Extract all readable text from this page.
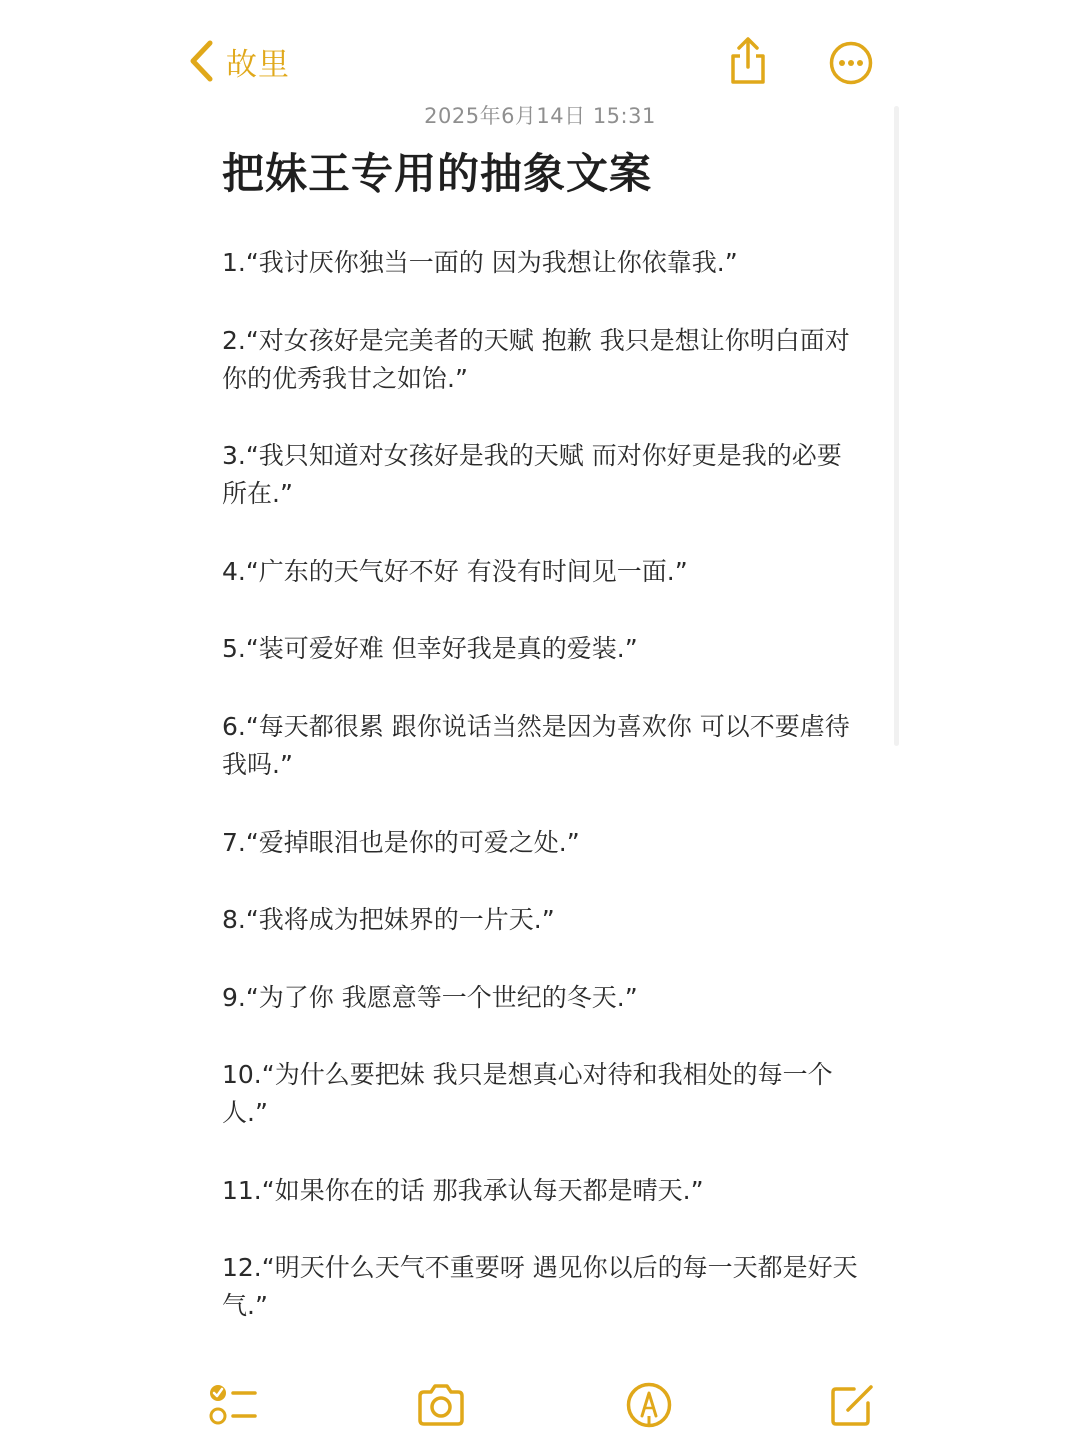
故里
2025年6月14日 15:31
把妹王专用的抽象文案

1.“我讨厌你独当一面的 因为我想让你依靠我.”

2.“对女孩好是完美者的天赋 抱歉 我只是想让你明白面对你的优秀我甘之如饴.”

3.“我只知道对女孩好是我的天赋 而对你好更是我的必要所在.”

4.“广东的天气好不好 有没有时间见一面.”

5.“装可爱好难 但幸好我是真的爱装.”

6.“每天都很累 跟你说话当然是因为喜欢你 可以不要虐待我吗.”

7.“爱掉眼泪也是你的可爱之处.”

8.“我将成为把妹界的一片天.”

9.“为了你 我愿意等一个世纪的冬天.”

10.“为什么要把妹 我只是想真心对待和我相处的每一个人.”

11.“如果你在的话 那我承认每天都是晴天.”

12.“明天什么天气不重要呀 遇见你以后的每一天都是好天气.”
